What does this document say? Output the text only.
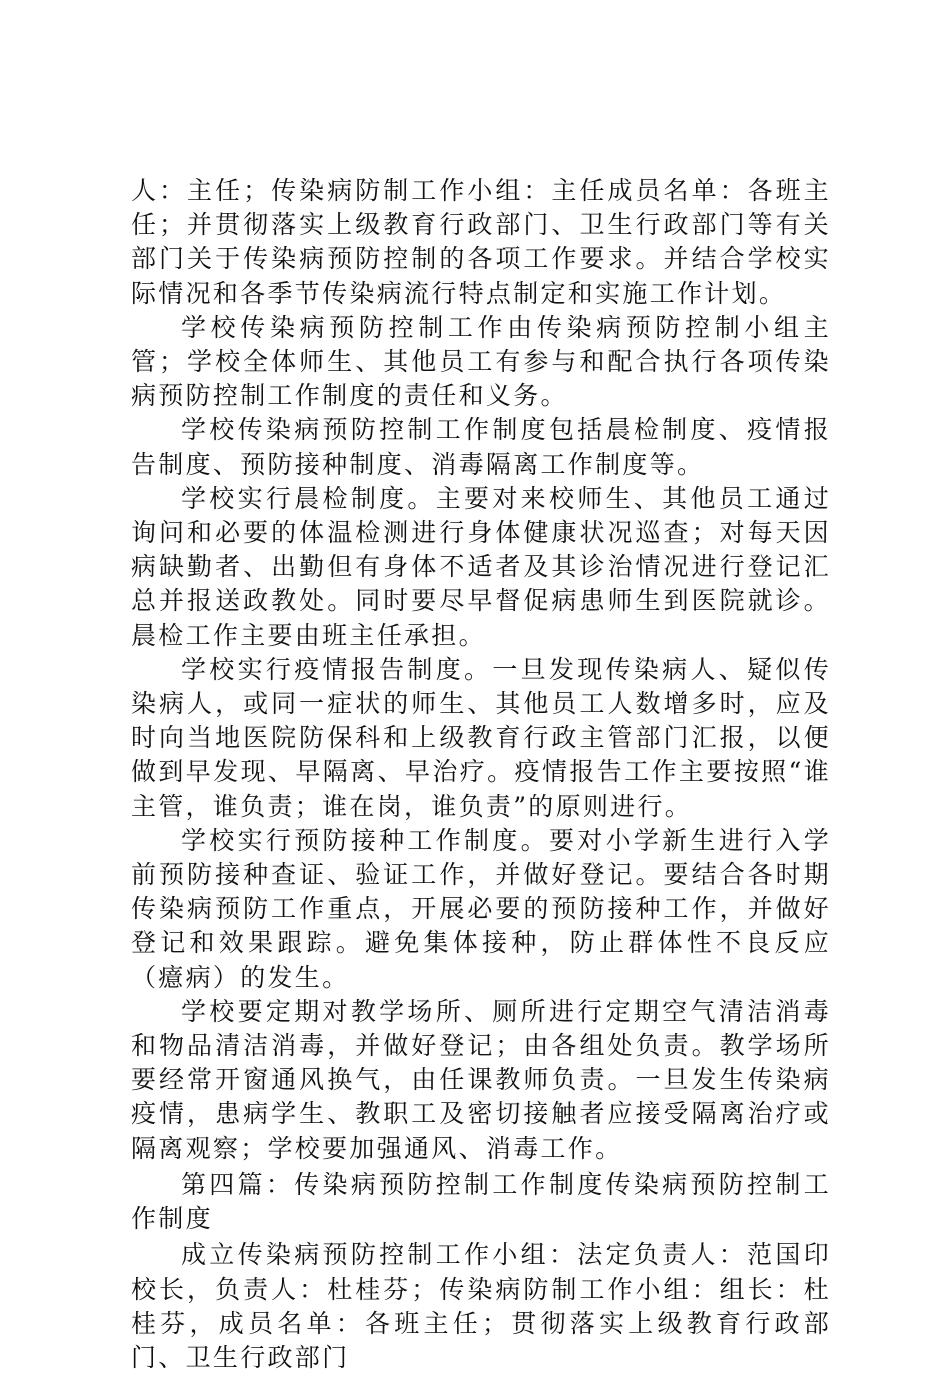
人：主任；传染病防制工作小组：主任成员名单：各班主任；并贯彻落实上级教育行政部门、卫生行政部门等有关部门关于传染病预防控制的各项工作要求。并结合学校实际情况和各季节传染病流行特点制定和实施工作计划。

学校传染病预防控制工作由传染病预防控制小组主管；学校全体师生、其他员工有参与和配合执行各项传染病预防控制工作制度的责任和义务。

学校传染病预防控制工作制度包括晨检制度、疫情报告制度、预防接种制度、消毒隔离工作制度等。

学校实行晨检制度。主要对来校师生、其他员工通过询问和必要的体温检测进行身体健康状况巡查；对每天因病缺勤者、出勤但有身体不适者及其诊治情况进行登记汇总并报送政教处。同时要尽早督促病患师生到医院就诊。晨检工作主要由班主任承担。

学校实行疫情报告制度。一旦发现传染病人、疑似传染病人，或同一症状的师生、其他员工人数增多时，应及时向当地医院防保科和上级教育行政主管部门汇报，以便做到早发现、早隔离、早治疗。疫情报告工作主要按照“谁主管，谁负责；谁在岗，谁负责”的原则进行。

学校实行预防接种工作制度。要对小学新生进行入学前预防接种查证、验证工作，并做好登记。要结合各时期传染病预防工作重点，开展必要的预防接种工作，并做好登记和效果跟踪。避免集体接种，防止群体性不良反应（癔病）的发生。

学校要定期对教学场所、厕所进行定期空气清洁消毒和物品清洁消毒，并做好登记；由各组处负责。教学场所要经常开窗通风换气，由任课教师负责。一旦发生传染病疫情，患病学生、教职工及密切接触者应接受隔离治疗或隔离观察；学校要加强通风、消毒工作。

第四篇：传染病预防控制工作制度传染病预防控制工作制度

成立传染病预防控制工作小组：法定负责人：范国印校长，负责人：杜桂芬；传染病防制工作小组：组长：杜桂芬，成员名单：各班主任；贯彻落实上级教育行政部门、卫生行政部门
